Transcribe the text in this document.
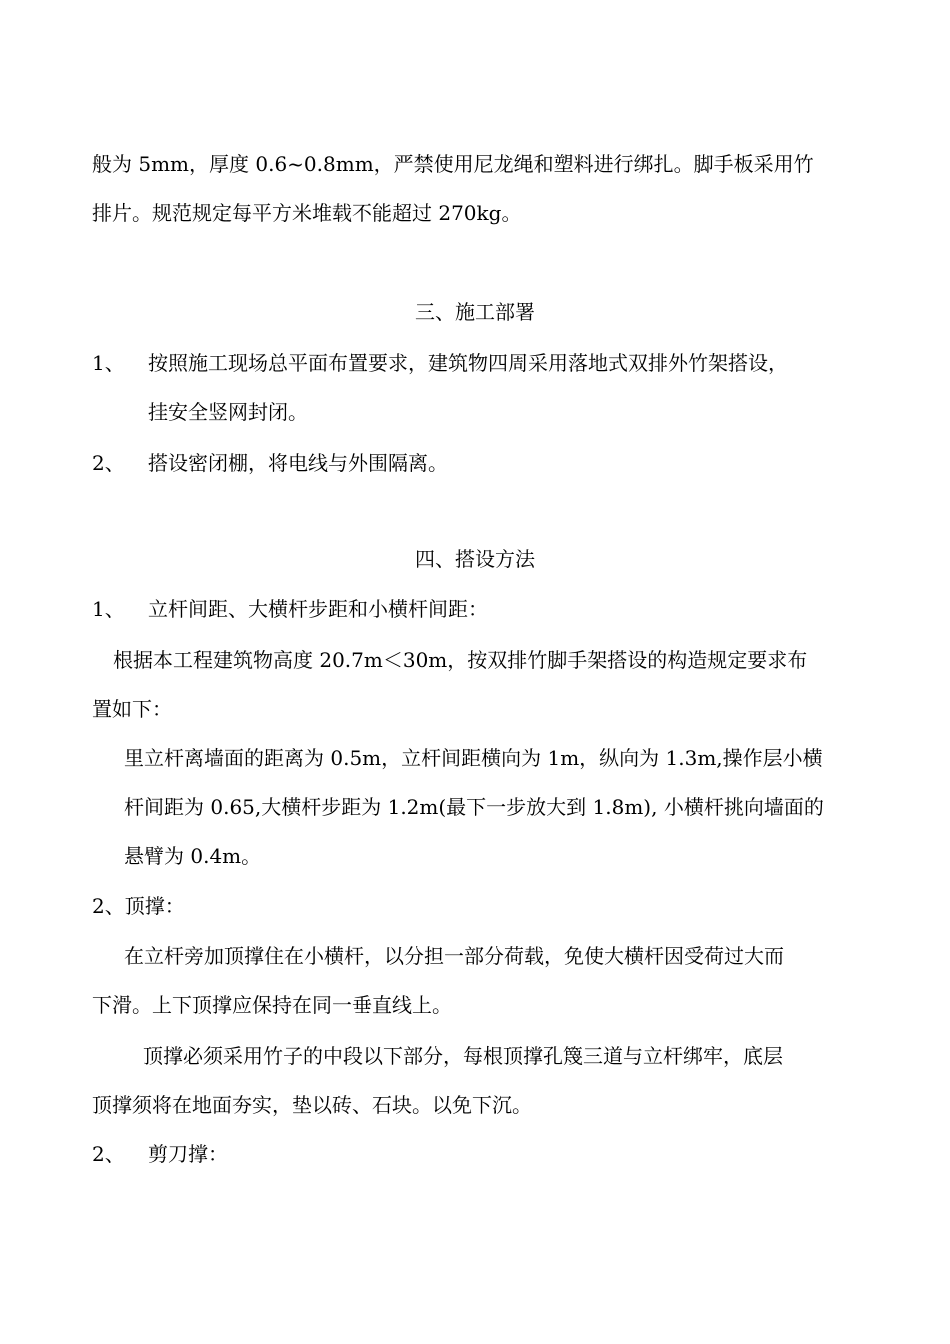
般为 5mm，厚度 0.6~0.8mm，严禁使用尼龙绳和塑料进行绑扎。脚手板采用竹
排片。规范规定每平方米堆载不能超过 270kg。
三、施工部署
1、 按照施工现场总平面布置要求，建筑物四周采用落地式双排外竹架搭设，
挂安全竖网封闭。
2、 搭设密闭棚，将电线与外围隔离。
四、搭设方法
1、 立杆间距、大横杆步距和小横杆间距：
根据本工程建筑物高度 20.7m＜30m，按双排竹脚手架搭设的构造规定要求布
置如下：
里立杆离墙面的距离为 0.5m，立杆间距横向为 1m，纵向为 1.3m,操作层小横
杆间距为 0.65,大横杆步距为 1.2m(最下一步放大到 1.8m), 小横杆挑向墙面的
悬臂为 0.4m。
2、顶撑：
在立杆旁加顶撑住在小横杆，以分担一部分荷载，免使大横杆因受荷过大而
下滑。上下顶撑应保持在同一垂直线上。
顶撑必须采用竹子的中段以下部分，每根顶撑孔篾三道与立杆绑牢，底层
顶撑须将在地面夯实，垫以砖、石块。以免下沉。
2、 剪刀撑：
